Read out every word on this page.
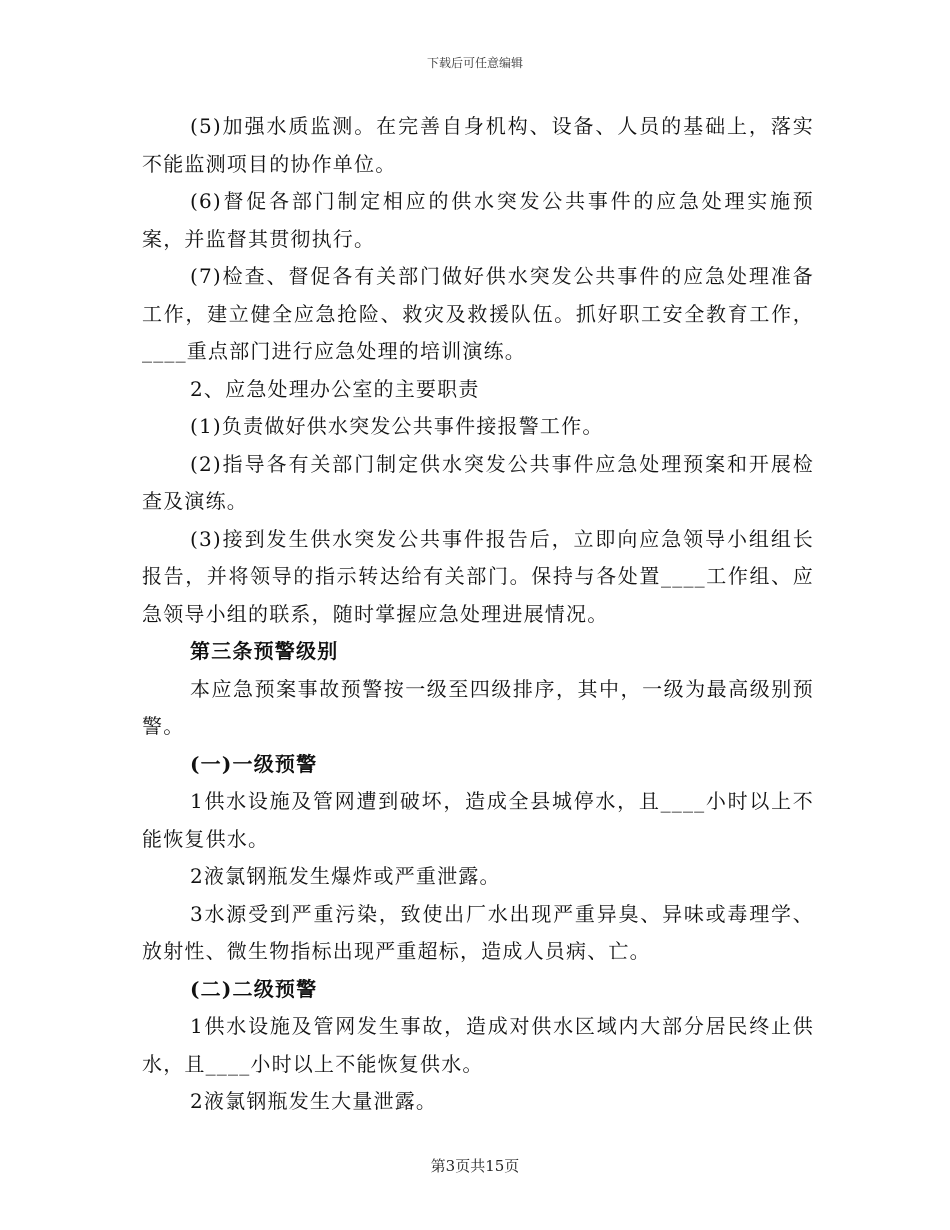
下载后可任意编辑

(5)加强水质监测。在完善自身机构、设备、人员的基础上，落实不能监测项目的协作单位。

(6)督促各部门制定相应的供水突发公共事件的应急处理实施预案，并监督其贯彻执行。

(7)检查、督促各有关部门做好供水突发公共事件的应急处理准备工作，建立健全应急抢险、救灾及救援队伍。抓好职工安全教育工作，____重点部门进行应急处理的培训演练。

2、应急处理办公室的主要职责

(1)负责做好供水突发公共事件接报警工作。

(2)指导各有关部门制定供水突发公共事件应急处理预案和开展检查及演练。

(3)接到发生供水突发公共事件报告后，立即向应急领导小组组长报告，并将领导的指示转达给有关部门。保持与各处置____工作组、应急领导小组的联系，随时掌握应急处理进展情况。

第三条预警级别

本应急预案事故预警按一级至四级排序，其中，一级为最高级别预警。

(一)一级预警

1供水设施及管网遭到破坏，造成全县城停水，且____小时以上不能恢复供水。

2液氯钢瓶发生爆炸或严重泄露。

3水源受到严重污染，致使出厂水出现严重异臭、异味或毒理学、放射性、微生物指标出现严重超标，造成人员病、亡。

(二)二级预警

1供水设施及管网发生事故，造成对供水区域内大部分居民终止供水，且____小时以上不能恢复供水。

2液氯钢瓶发生大量泄露。

第3页共15页
